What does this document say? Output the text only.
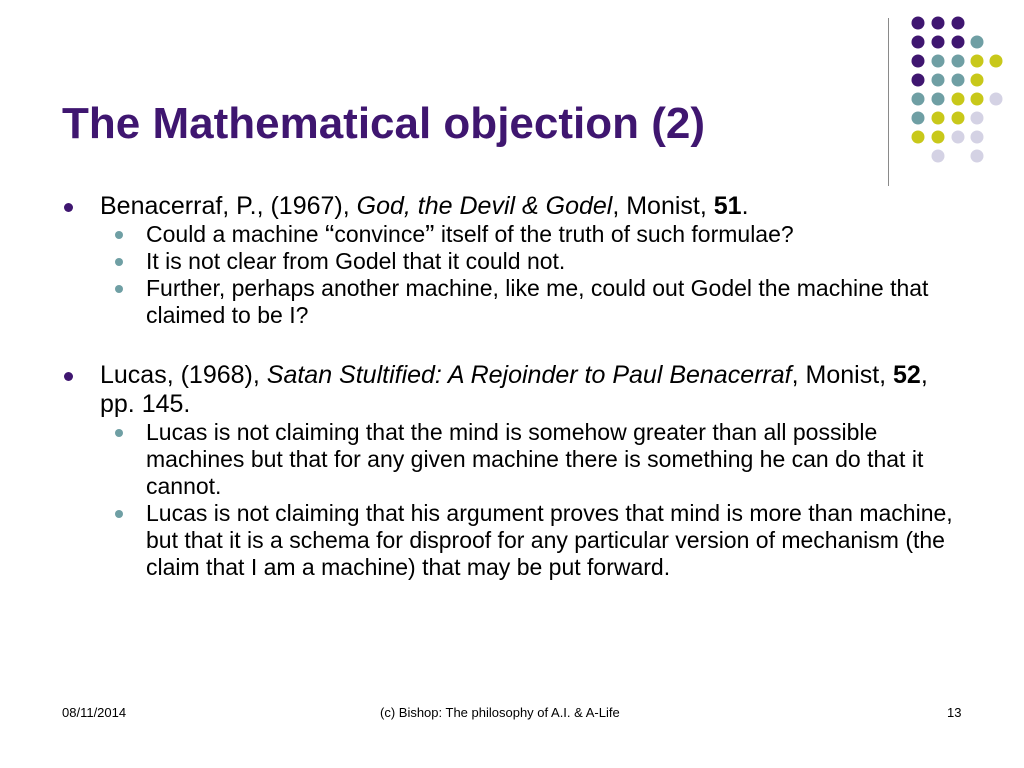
The Mathematical objection (2)
Benacerraf, P., (1967), God, the Devil & Godel, Monist, 51.
Could a machine “convince” itself of the truth of such formulae?
It is not clear from Godel that it could not.
Further, perhaps another machine, like me, could out Godel the machine that claimed to be I?
Lucas, (1968), Satan Stultified: A Rejoinder to Paul Benacerraf, Monist, 52, pp. 145.
Lucas is not claiming that the mind is somehow greater than all possible machines but that for any given machine there is something he can do that it cannot.
Lucas is not claiming that his argument proves that mind is more than machine, but that it is a schema for disproof for any particular version of mechanism (the claim that I am a machine) that may be put forward.
08/11/2014	(c) Bishop: The philosophy of A.I. & A-Life	13
